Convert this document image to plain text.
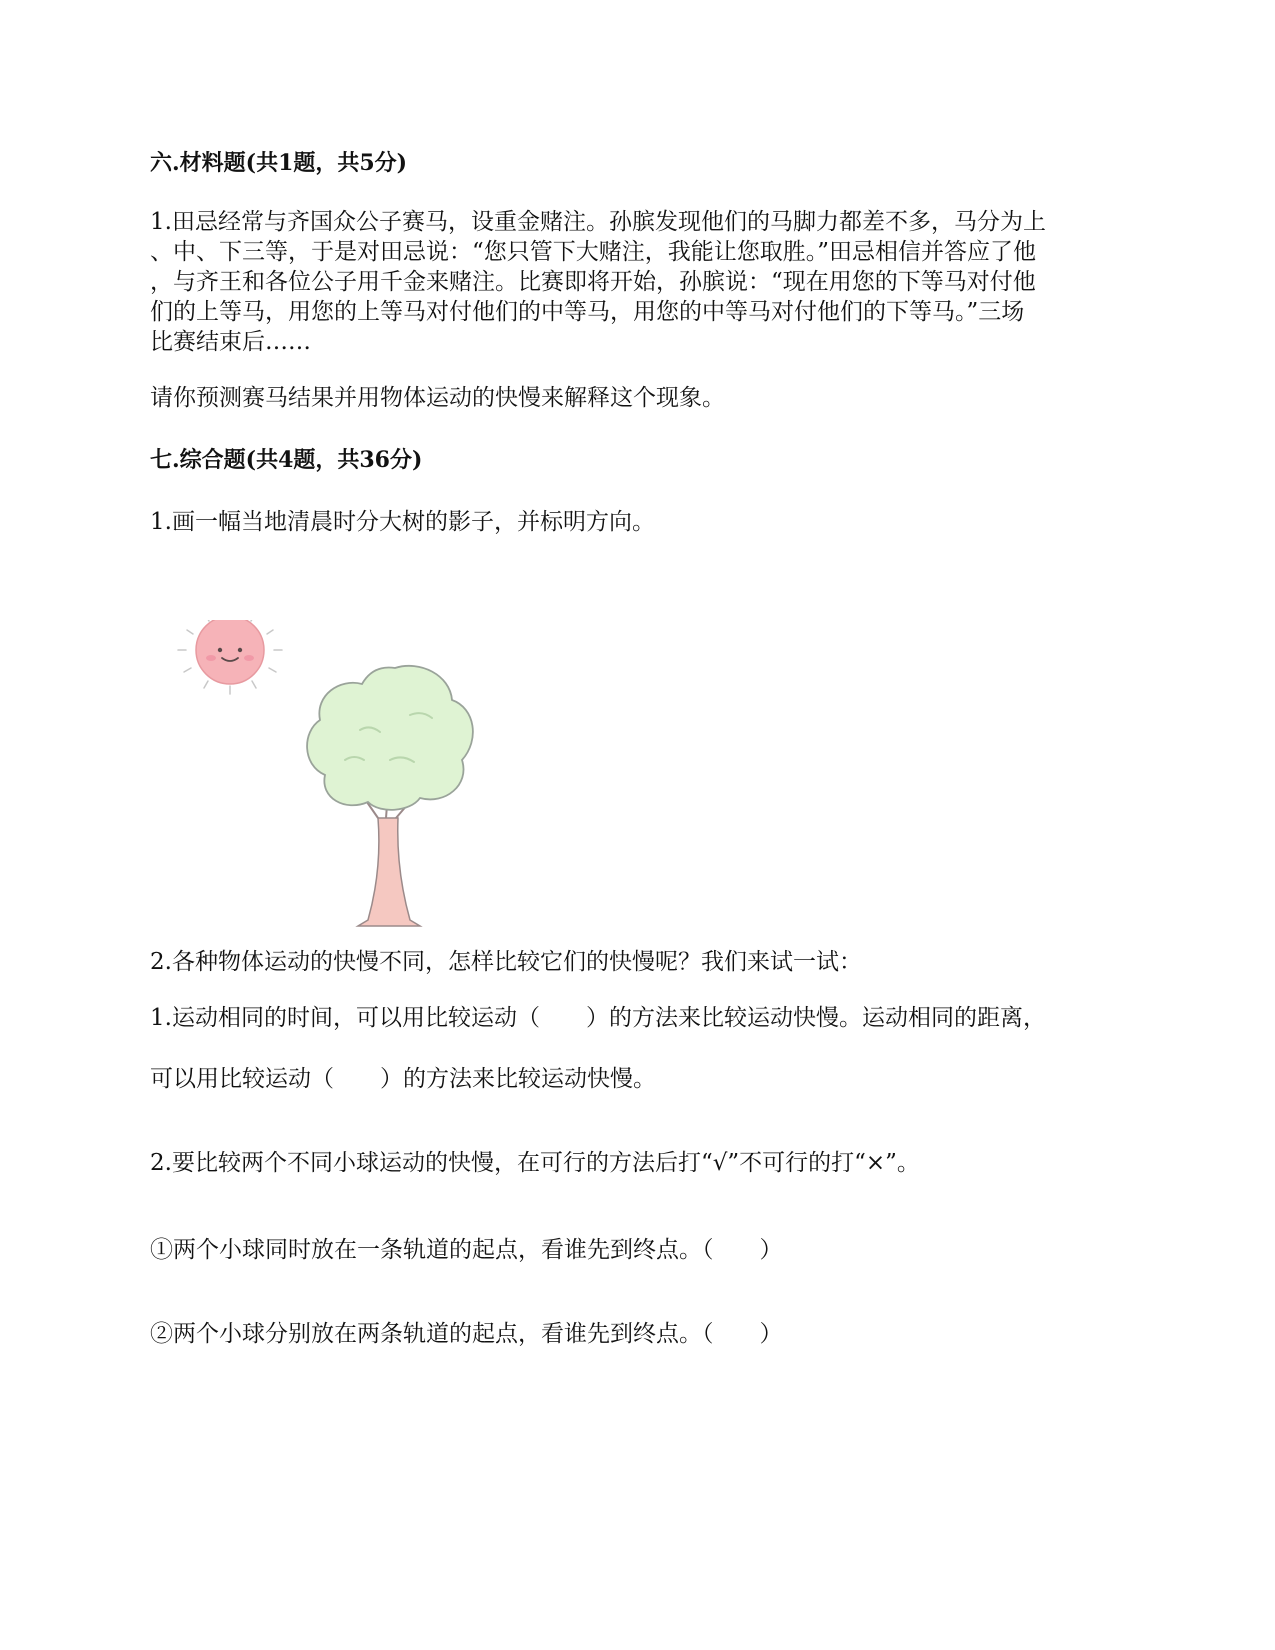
六.材料题(共1题，共5分)
1.田忌经常与齐国众公子赛马，设重金赌注。孙膑发现他们的马脚力都差不多，马分为上
、中、下三等，于是对田忌说：“您只管下大赌注，我能让您取胜。”田忌相信并答应了他
，与齐王和各位公子用千金来赌注。比赛即将开始，孙膑说：“现在用您的下等马对付他
们的上等马，用您的上等马对付他们的中等马，用您的中等马对付他们的下等马。”三场
比赛结束后……
请你预测赛马结果并用物体运动的快慢来解释这个现象。
七.综合题(共4题，共36分)
1.画一幅当地清晨时分大树的影子，并标明方向。
2.各种物体运动的快慢不同，怎样比较它们的快慢呢？我们来试一试：
1.运动相同的时间，可以用比较运动（　　）的方法来比较运动快慢。运动相同的距离，
可以用比较运动（　　）的方法来比较运动快慢。
2.要比较两个不同小球运动的快慢，在可行的方法后打“√”不可行的打“×”。
①两个小球同时放在一条轨道的起点，看谁先到终点。（　　）
②两个小球分别放在两条轨道的起点，看谁先到终点。（　　）
